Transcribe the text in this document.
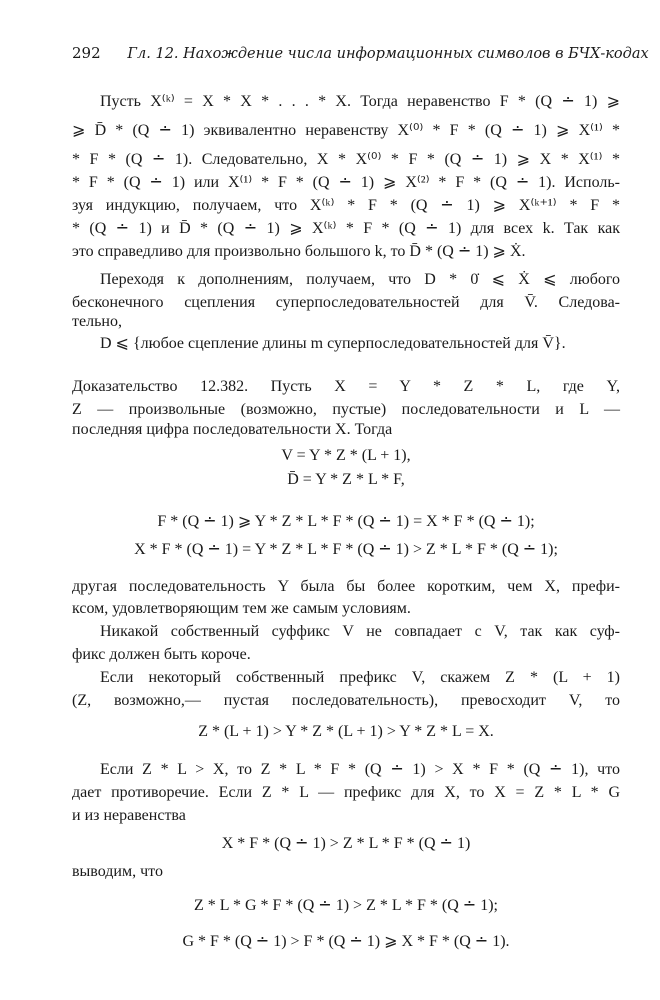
292 Гл. 12. Нахождение числа информационных символов в БЧХ-кодах
Пусть X⁽ᵏ⁾ = X * X * . . . * X. Тогда неравенство F * (Q ∸ 1) ⩾
⩾ D̄ * (Q ∸ 1) эквивалентно неравенству X⁽⁰⁾ * F * (Q ∸ 1) ⩾ X⁽¹⁾ *
* F * (Q ∸ 1). Следовательно, X * X⁽⁰⁾ * F * (Q ∸ 1) ⩾ X * X⁽¹⁾ *
* F * (Q ∸ 1) или X⁽¹⁾ * F * (Q ∸ 1) ⩾ X⁽²⁾ * F * (Q ∸ 1). Исполь-
зуя индукцию, получаем, что X⁽ᵏ⁾ * F * (Q ∸ 1) ⩾ X⁽ᵏ⁺¹⁾ * F *
* (Q ∸ 1) и D̄ * (Q ∸ 1) ⩾ X⁽ᵏ⁾ * F * (Q ∸ 1) для всех k. Так как
это справедливо для произвольно большого k, то D̄ * (Q ∸ 1) ⩾ Ẋ.
Переходя к дополнениям, получаем, что D * 0̇ ⩽ Ẋ ⩽ любого
бесконечного сцепления суперпоследовательностей для V̄. Следова-
тельно,
D ⩽ {любое сцепление длины m суперпоследовательностей для V̄}.
Доказательство 12.382. Пусть X = Y * Z * L, где Y,
Z — произвольные (возможно, пустые) последовательности и L —
последняя цифра последовательности X. Тогда
V = Y * Z * (L + 1),
D̄ = Y * Z * L * F,
F * (Q ∸ 1) ⩾ Y * Z * L * F * (Q ∸ 1) = X * F * (Q ∸ 1);
X * F * (Q ∸ 1) = Y * Z * L * F * (Q ∸ 1) > Z * L * F * (Q ∸ 1);
другая последовательность Y была бы более коротким, чем X, префи-
ксом, удовлетворяющим тем же самым условиям.
Никакой собственный суффикс V не совпадает с V, так как суф-
фикс должен быть короче.
Если некоторый собственный префикс V, скажем Z * (L + 1)
(Z, возможно,— пустая последовательность), превосходит V, то
Z * (L + 1) > Y * Z * (L + 1) > Y * Z * L = X.
Если Z * L > X, то Z * L * F * (Q ∸ 1) > X * F * (Q ∸ 1), что
дает противоречие. Если Z * L — префикс для X, то X = Z * L * G
и из неравенства
X * F * (Q ∸ 1) > Z * L * F * (Q ∸ 1)
выводим, что
Z * L * G * F * (Q ∸ 1) > Z * L * F * (Q ∸ 1);
G * F * (Q ∸ 1) > F * (Q ∸ 1) ⩾ X * F * (Q ∸ 1).
